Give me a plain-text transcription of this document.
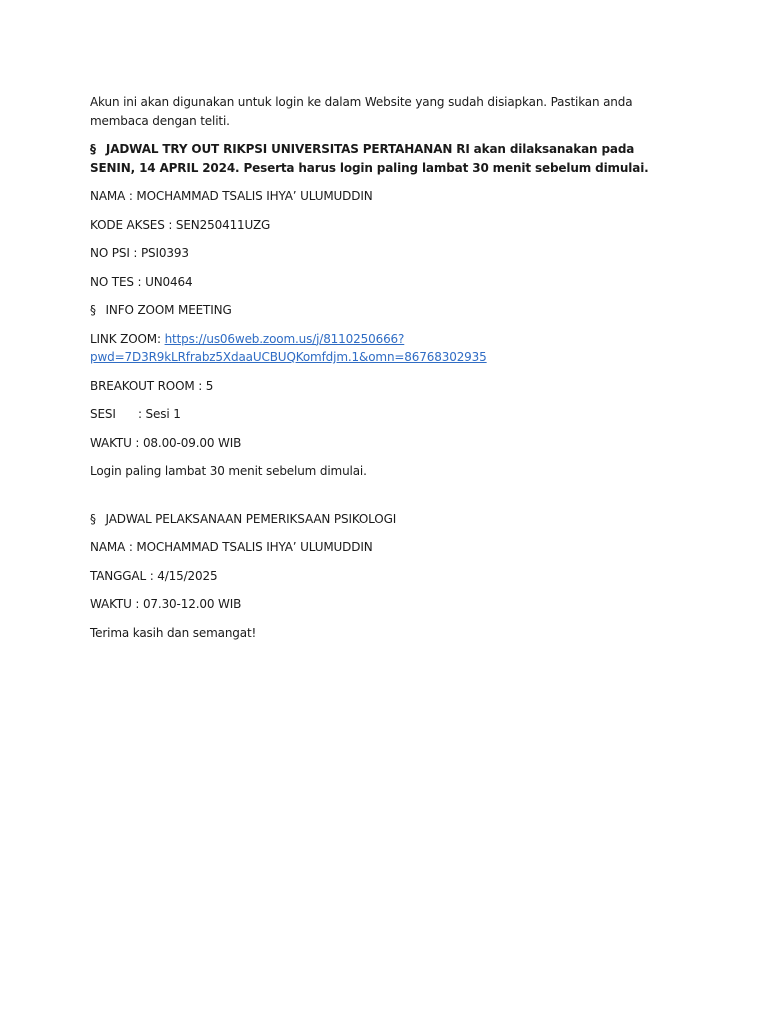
Akun ini akan digunakan untuk login ke dalam Website yang sudah disiapkan. Pastikan anda membaca dengan teliti.

§ JADWAL TRY OUT RIKPSI UNIVERSITAS PERTAHANAN RI akan dilaksanakan pada SENIN, 14 APRIL 2024. Peserta harus login paling lambat 30 menit sebelum dimulai.

NAMA : MOCHAMMAD TSALIS IHYA’ ULUMUDDIN

KODE AKSES : SEN250411UZG

NO PSI : PSI0393

NO TES : UN0464

§ INFO ZOOM MEETING

LINK ZOOM: https://us06web.zoom.us/j/8110250666?
pwd=7D3R9kLRfrabz5XdaaUCBUQKomfdjm.1&omn=86768302935

BREAKOUT ROOM : 5

SESI : Sesi 1

WAKTU : 08.00-09.00 WIB

Login paling lambat 30 menit sebelum dimulai.

§ JADWAL PELAKSANAAN PEMERIKSAAN PSIKOLOGI

NAMA : MOCHAMMAD TSALIS IHYA’ ULUMUDDIN

TANGGAL : 4/15/2025

WAKTU : 07.30-12.00 WIB

Terima kasih dan semangat!
